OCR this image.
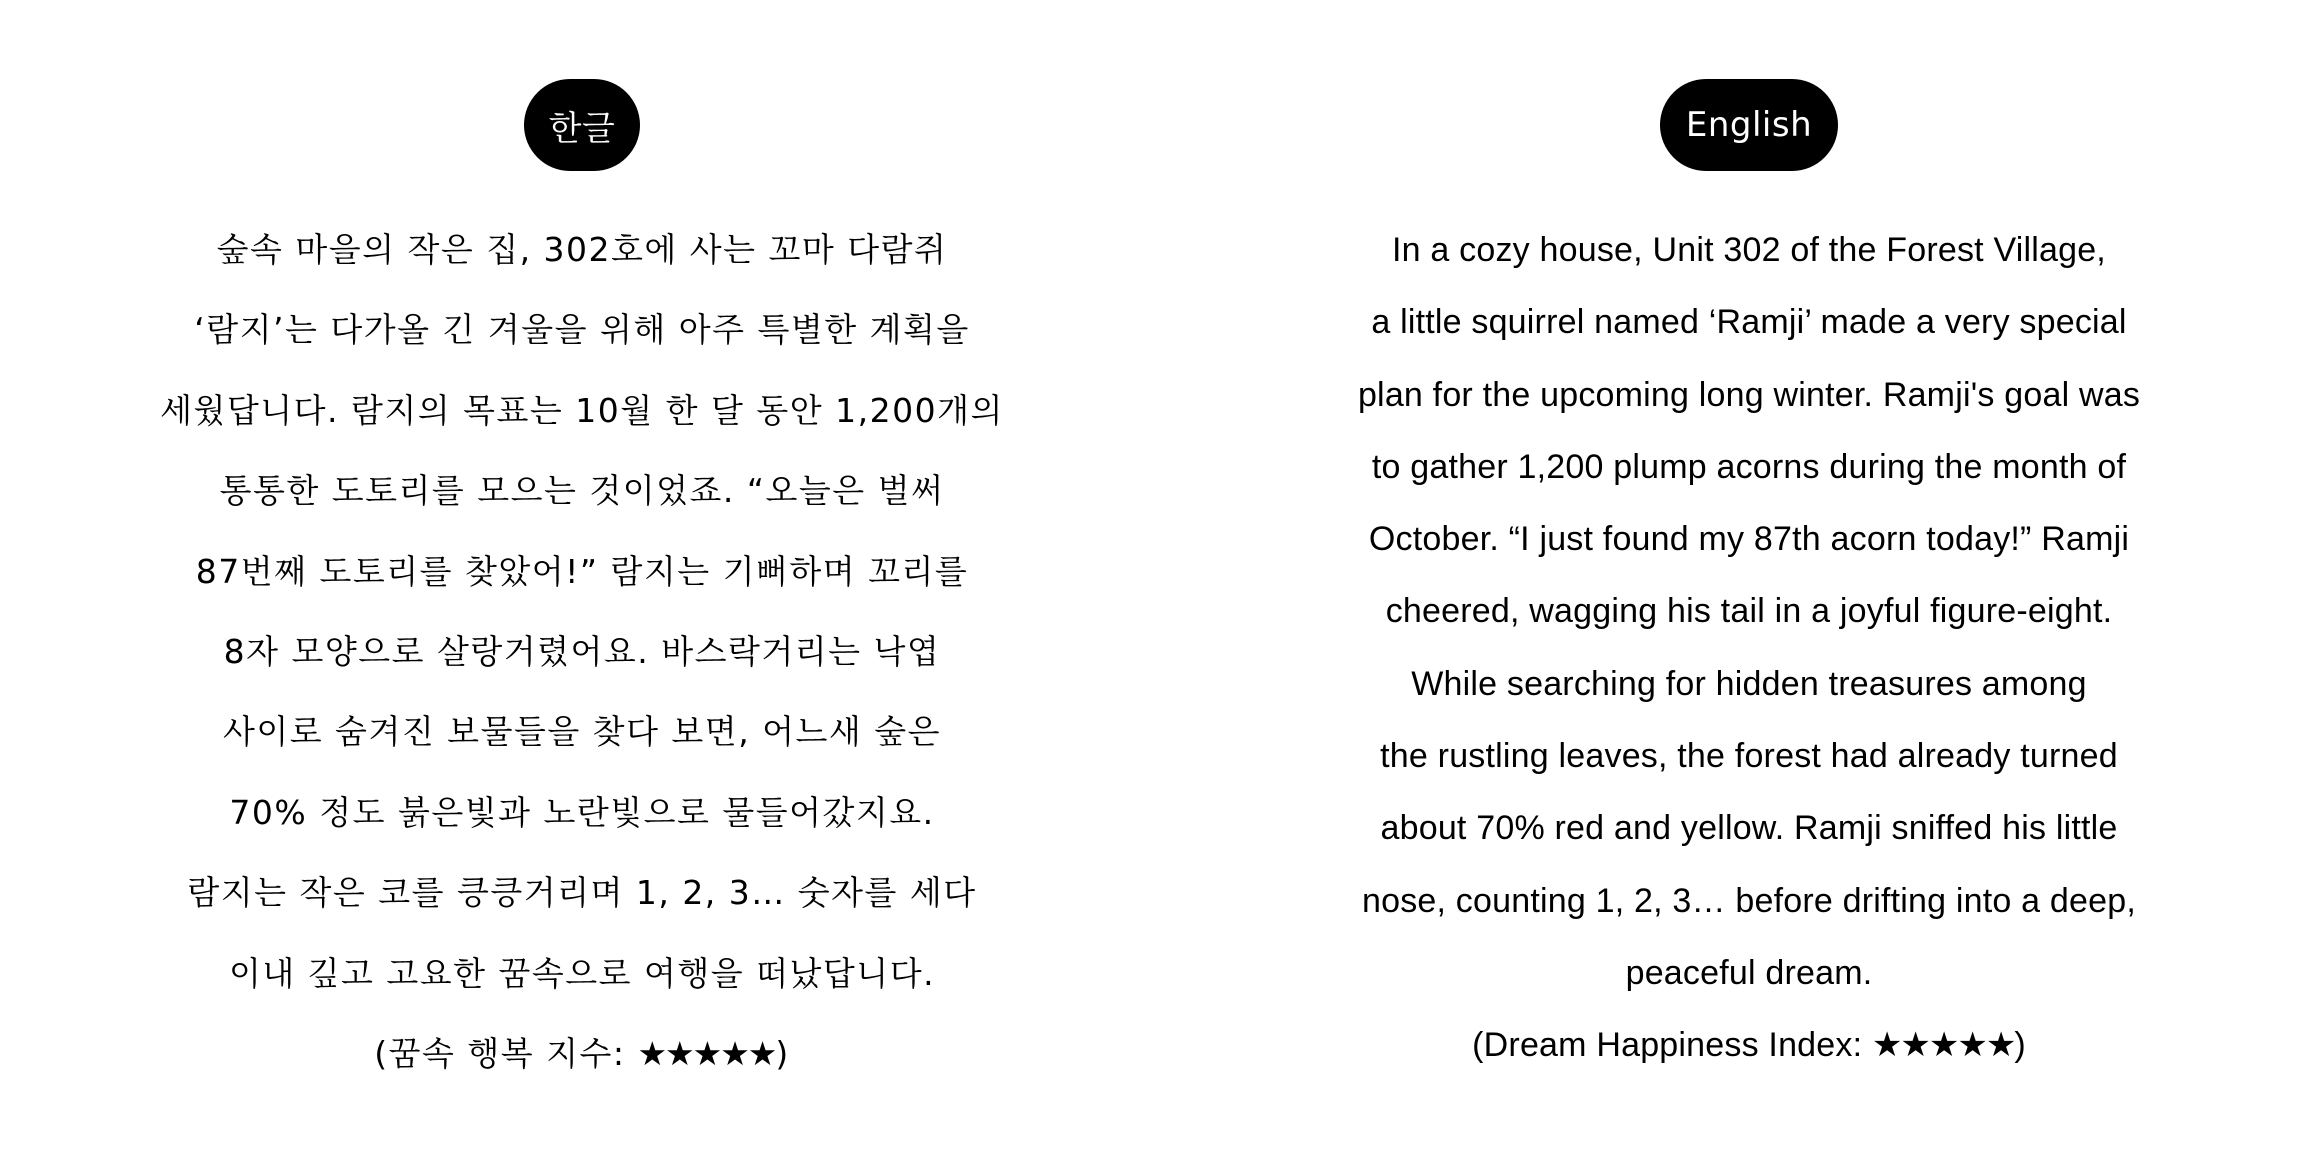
한글
숲속 마을의 작은 집, 302호에 사는 꼬마 다람쥐
‘람지’는 다가올 긴 겨울을 위해 아주 특별한 계획을
세웠답니다. 람지의 목표는 10월 한 달 동안 1,200개의
통통한 도토리를 모으는 것이었죠. “오늘은 벌써
87번째 도토리를 찾았어!” 람지는 기뻐하며 꼬리를
8자 모양으로 살랑거렸어요. 바스락거리는 낙엽
사이로 숨겨진 보물들을 찾다 보면, 어느새 숲은
70% 정도 붉은빛과 노란빛으로 물들어갔지요.
람지는 작은 코를 킁킁거리며 1, 2, 3… 숫자를 세다
이내 깊고 고요한 꿈속으로 여행을 떠났답니다.
(꿈속 행복 지수: ★★★★★)
English
In a cozy house, Unit 302 of the Forest Village,
a little squirrel named ‘Ramji’ made a very special
plan for the upcoming long winter. Ramji's goal was
to gather 1,200 plump acorns during the month of
October. “I just found my 87th acorn today!” Ramji
cheered, wagging his tail in a joyful figure-eight.
While searching for hidden treasures among
the rustling leaves, the forest had already turned
about 70% red and yellow. Ramji sniffed his little
nose, counting 1, 2, 3… before drifting into a deep,
peaceful dream.
(Dream Happiness Index: ★★★★★)
